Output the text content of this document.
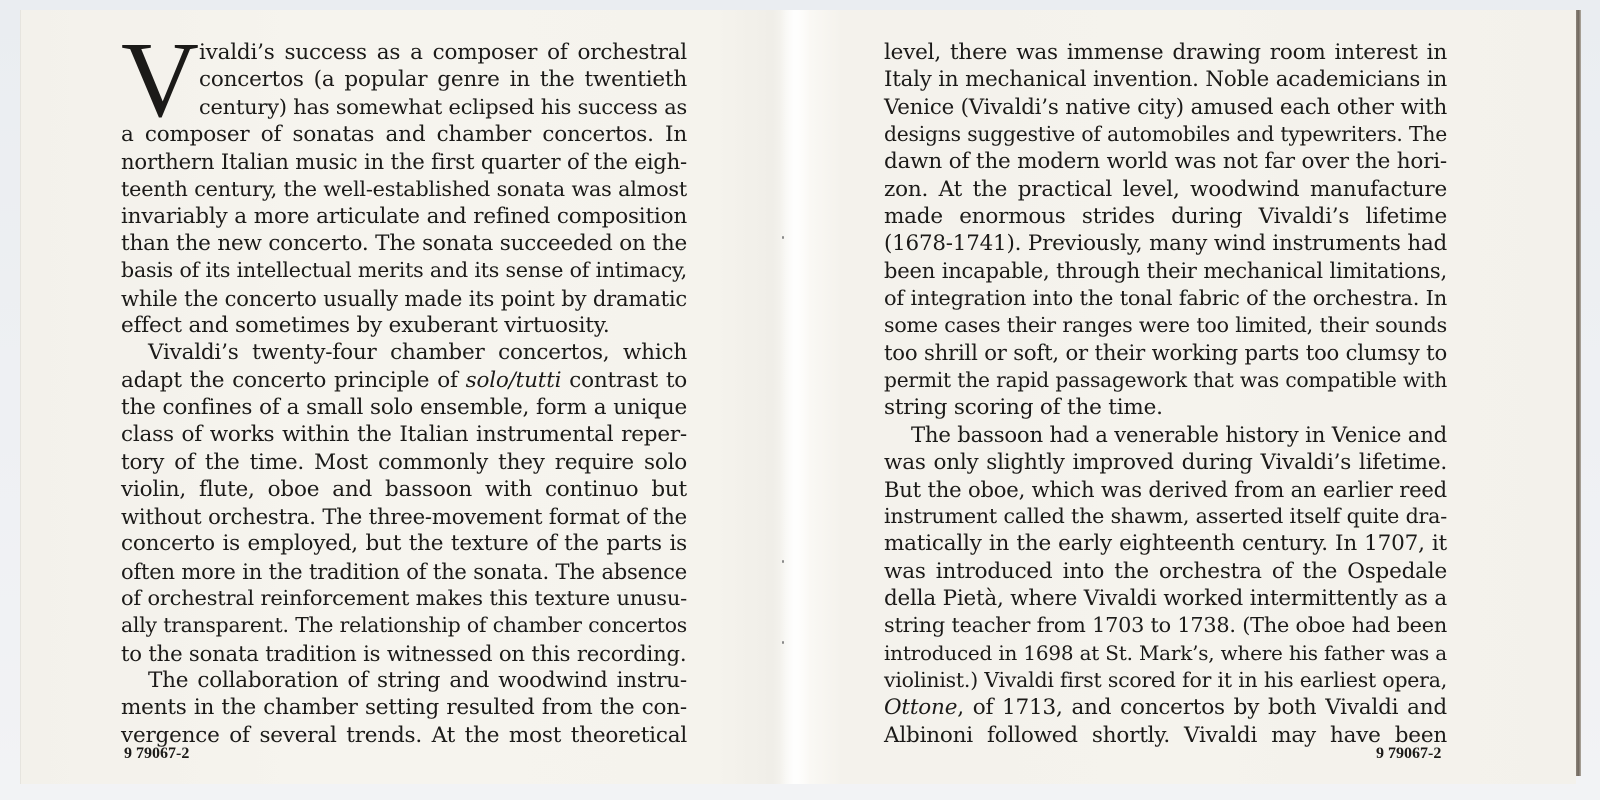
V ivaldi’s success as a composer of orchestral
concertos (a popular genre in the twentieth
century) has somewhat eclipsed his success as
a composer of sonatas and chamber concertos. In
northern Italian music in the first quarter of the eigh-
teenth century, the well-established sonata was almost
invariably a more articulate and refined composition
than the new concerto. The sonata succeeded on the
basis of its intellectual merits and its sense of intimacy,
while the concerto usually made its point by dramatic
effect and sometimes by exuberant virtuosity.
Vivaldi’s twenty-four chamber concertos, which
adapt the concerto principle of solo/tutti contrast to
the confines of a small solo ensemble, form a unique
class of works within the Italian instrumental reper-
tory of the time. Most commonly they require solo
violin, flute, oboe and bassoon with continuo but
without orchestra. The three-movement format of the
concerto is employed, but the texture of the parts is
often more in the tradition of the sonata. The absence
of orchestral reinforcement makes this texture unusu-
ally transparent. The relationship of chamber concertos
to the sonata tradition is witnessed on this recording.
The collaboration of string and woodwind instru-
ments in the chamber setting resulted from the con-
vergence of several trends. At the most theoretical
9 79067-2
level, there was immense drawing room interest in
Italy in mechanical invention. Noble academicians in
Venice (Vivaldi’s native city) amused each other with
designs suggestive of automobiles and typewriters. The
dawn of the modern world was not far over the hori-
zon. At the practical level, woodwind manufacture
made enormous strides during Vivaldi’s lifetime
(1678-1741). Previously, many wind instruments had
been incapable, through their mechanical limitations,
of integration into the tonal fabric of the orchestra. In
some cases their ranges were too limited, their sounds
too shrill or soft, or their working parts too clumsy to
permit the rapid passagework that was compatible with
string scoring of the time.
The bassoon had a venerable history in Venice and
was only slightly improved during Vivaldi’s lifetime.
But the oboe, which was derived from an earlier reed
instrument called the shawm, asserted itself quite dra-
matically in the early eighteenth century. In 1707, it
was introduced into the orchestra of the Ospedale
della Pietà, where Vivaldi worked intermittently as a
string teacher from 1703 to 1738. (The oboe had been
introduced in 1698 at St. Mark’s, where his father was a
violinist.) Vivaldi first scored for it in his earliest opera,
Ottone, of 1713, and concertos by both Vivaldi and
Albinoni followed shortly. Vivaldi may have been
9 79067-2
